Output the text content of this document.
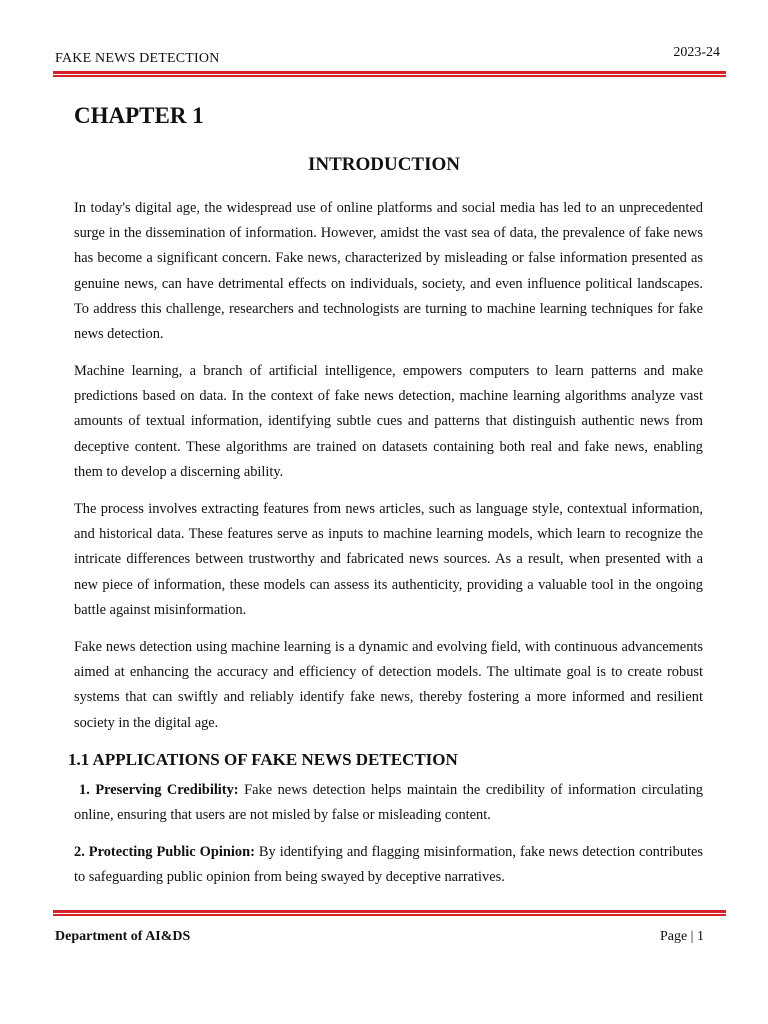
FAKE NEWS DETECTION	2023-24
CHAPTER 1
INTRODUCTION

In today's digital age, the widespread use of online platforms and social media has led to an unprecedented surge in the dissemination of information. However, amidst the vast sea of data, the prevalence of fake news has become a significant concern. Fake news, characterized by misleading or false information presented as genuine news, can have detrimental effects on individuals, society, and even influence political landscapes. To address this challenge, researchers and technologists are turning to machine learning techniques for fake news detection.

Machine learning, a branch of artificial intelligence, empowers computers to learn patterns and make predictions based on data. In the context of fake news detection, machine learning algorithms analyze vast amounts of textual information, identifying subtle cues and patterns that distinguish authentic news from deceptive content. These algorithms are trained on datasets containing both real and fake news, enabling them to develop a discerning ability.

The process involves extracting features from news articles, such as language style, contextual information, and historical data. These features serve as inputs to machine learning models, which learn to recognize the intricate differences between trustworthy and fabricated news sources. As a result, when presented with a new piece of information, these models can assess its authenticity, providing a valuable tool in the ongoing battle against misinformation.

Fake news detection using machine learning is a dynamic and evolving field, with continuous advancements aimed at enhancing the accuracy and efficiency of detection models. The ultimate goal is to create robust systems that can swiftly and reliably identify fake news, thereby fostering a more informed and resilient society in the digital age.

1.1 APPLICATIONS OF FAKE NEWS DETECTION

1. Preserving Credibility: Fake news detection helps maintain the credibility of information circulating online, ensuring that users are not misled by false or misleading content.

2. Protecting Public Opinion: By identifying and flagging misinformation, fake news detection contributes to safeguarding public opinion from being swayed by deceptive narratives.

Department of AI&DS	Page | 1
